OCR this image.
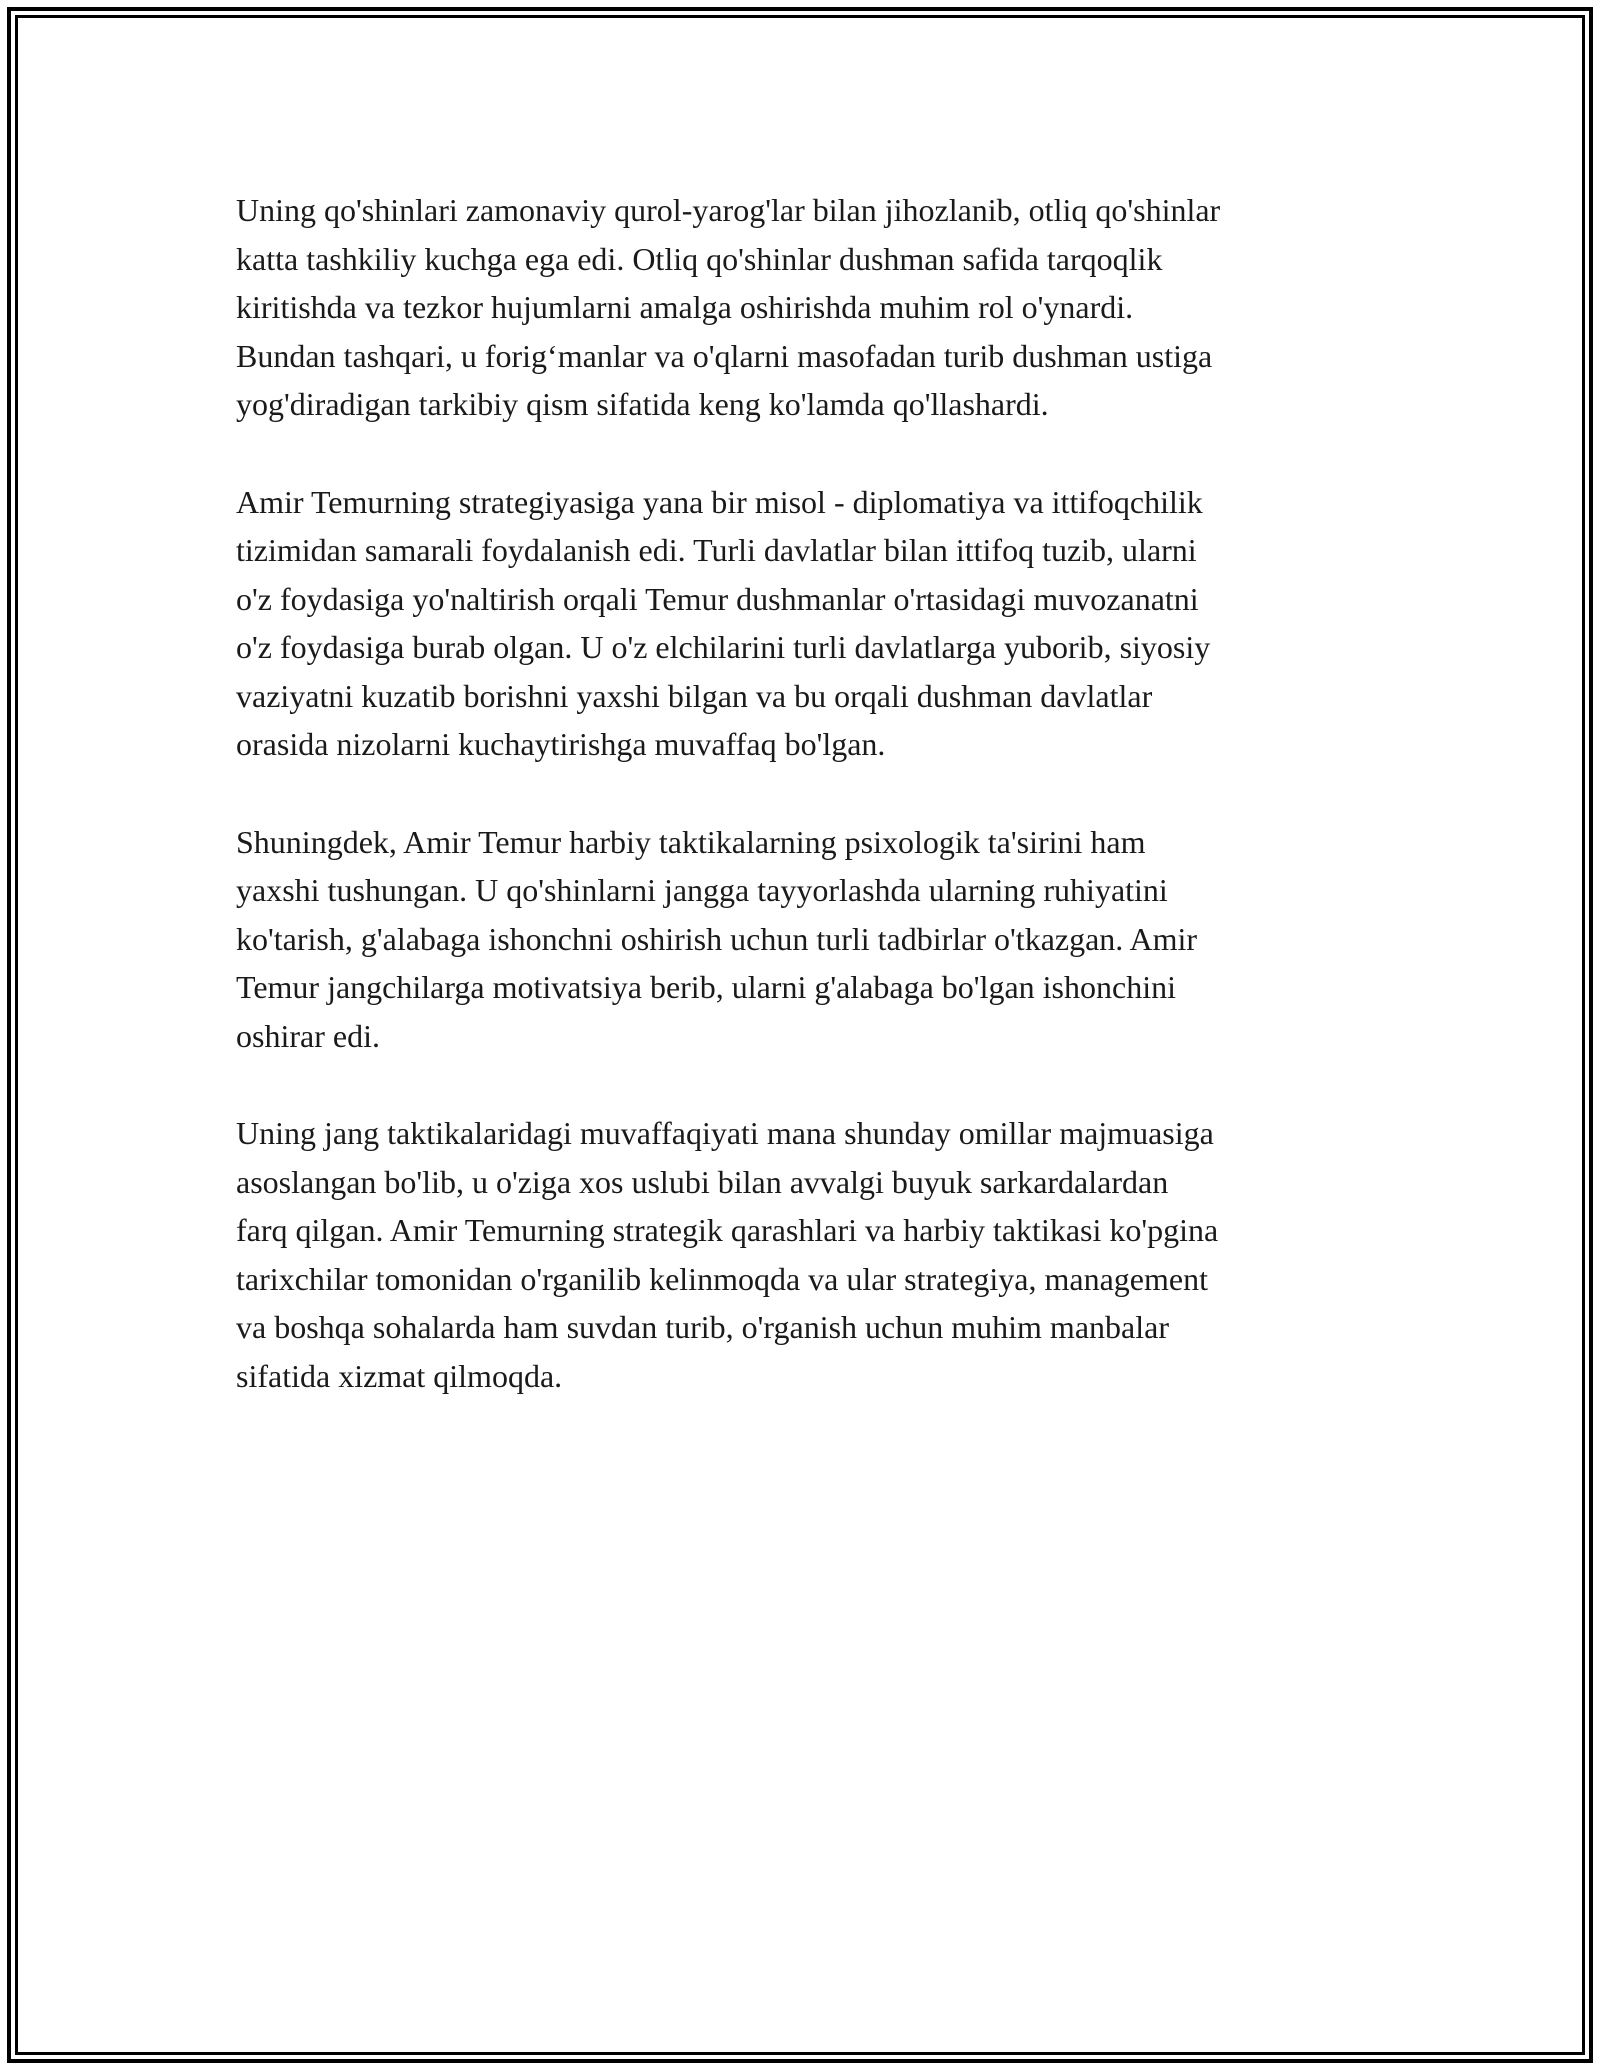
Uning qo'shinlari zamonaviy qurol-yarog'lar bilan jihozlanib, otliq qo'shinlar
katta tashkiliy kuchga ega edi. Otliq qo'shinlar dushman safida tarqoqlik
kiritishda va tezkor hujumlarni amalga oshirishda muhim rol o'ynardi.
Bundan tashqari, u forig‘manlar va o'qlarni masofadan turib dushman ustiga
yog'diradigan tarkibiy qism sifatida keng ko'lamda qo'llashardi.

Amir Temurning strategiyasiga yana bir misol - diplomatiya va ittifoqchilik
tizimidan samarali foydalanish edi. Turli davlatlar bilan ittifoq tuzib, ularni
o'z foydasiga yo'naltirish orqali Temur dushmanlar o'rtasidagi muvozanatni
o'z foydasiga burab olgan. U o'z elchilarini turli davlatlarga yuborib, siyosiy
vaziyatni kuzatib borishni yaxshi bilgan va bu orqali dushman davlatlar
orasida nizolarni kuchaytirishga muvaffaq bo'lgan.

Shuningdek, Amir Temur harbiy taktikalarning psixologik ta'sirini ham
yaxshi tushungan. U qo'shinlarni jangga tayyorlashda ularning ruhiyatini
ko'tarish, g'alabaga ishonchni oshirish uchun turli tadbirlar o'tkazgan. Amir
Temur jangchilarga motivatsiya berib, ularni g'alabaga bo'lgan ishonchini
oshirar edi.

Uning jang taktikalaridagi muvaffaqiyati mana shunday omillar majmuasiga
asoslangan bo'lib, u o'ziga xos uslubi bilan avvalgi buyuk sarkardalardan
farq qilgan. Amir Temurning strategik qarashlari va harbiy taktikasi ko'pgina
tarixchilar tomonidan o'rganilib kelinmoqda va ular strategiya, management
va boshqa sohalarda ham suvdan turib, o'rganish uchun muhim manbalar
sifatida xizmat qilmoqda.
